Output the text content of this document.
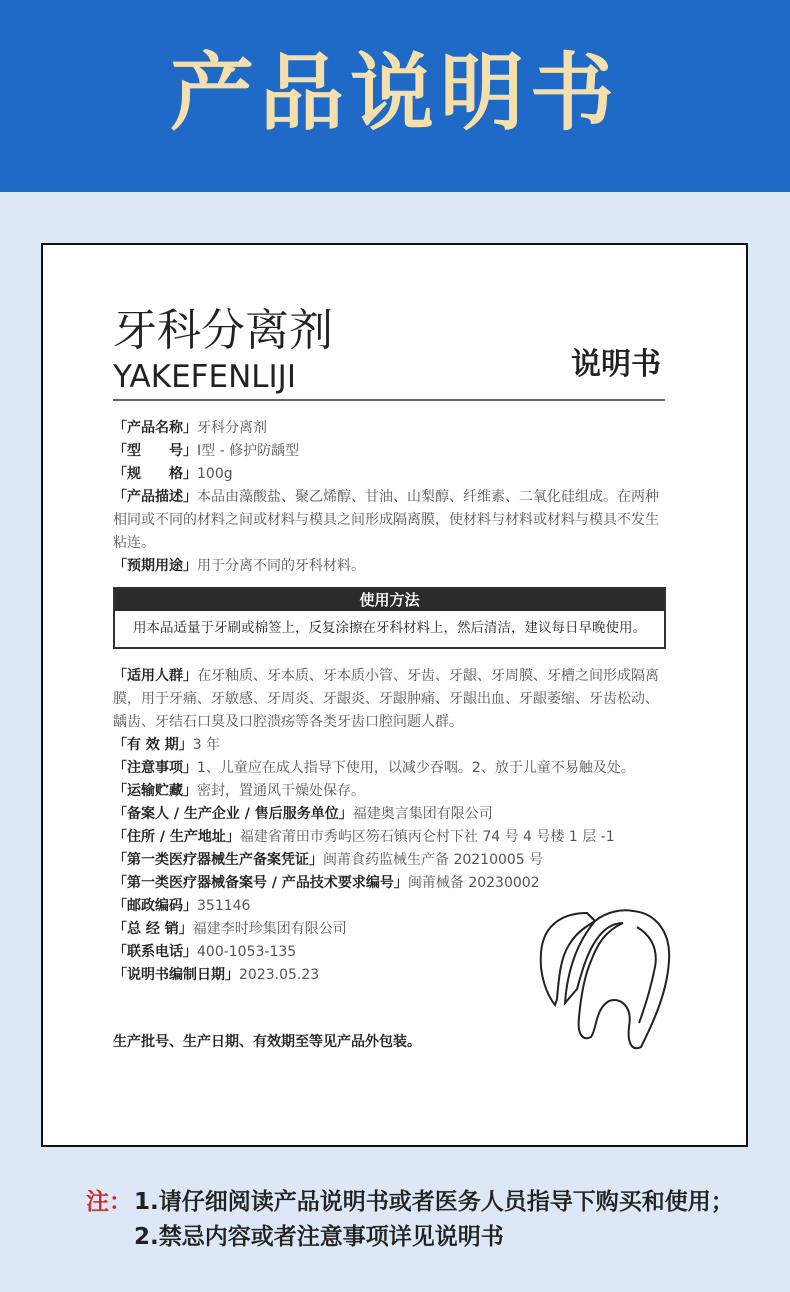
产品说明书
牙科分离剂
YAKEFENLIJI	说明书

「产品名称」牙科分离剂

「型　　号」Ⅰ型 - 修护防龋型

「规　　格」100g

「产品描述」本品由藻酸盐、聚乙烯醇、甘油、山梨醇、纤维素、二氧化硅组成。在两种相同或不同的材料之间或材料与模具之间形成隔离膜，使材料与材料或材料与模具不发生粘连。

「预期用途」用于分离不同的牙科材料。

使用方法
用本品适量于牙刷或棉签上，反复涂擦在牙科材料上，然后清洁，建议每日早晚使用。

「适用人群」在牙釉质、牙本质、牙本质小管、牙齿、牙龈、牙周膜、牙槽之间形成隔离膜，用于牙痛、牙敏感、牙周炎、牙龈炎、牙龈肿痛、牙龈出血、牙龈萎缩、牙齿松动、龋齿、牙结石口臭及口腔溃疡等各类牙齿口腔问题人群。

「有 效 期」3 年

「注意事项」1、儿童应在成人指导下使用，以减少吞咽。2、放于儿童不易触及处。

「运输贮藏」密封，置通风干燥处保存。

「备案人 / 生产企业 / 售后服务单位」福建奥言集团有限公司

「住所 / 生产地址」福建省莆田市秀屿区笏石镇丙仑村下社 74 号 4 号楼 1 层 -1

「第一类医疗器械生产备案凭证」闽莆食药监械生产备 20210005 号

「第一类医疗器械备案号 / 产品技术要求编号」闽莆械备 20230002

「邮政编码」351146

「总 经 销」福建李时珍集团有限公司

「联系电话」400-1053-135

「说明书编制日期」2023.05.23

生产批号、生产日期、有效期至等见产品外包装。
注： 1.请仔细阅读产品说明书或者医务人员指导下购买和使用；
2.禁忌内容或者注意事项详见说明书
